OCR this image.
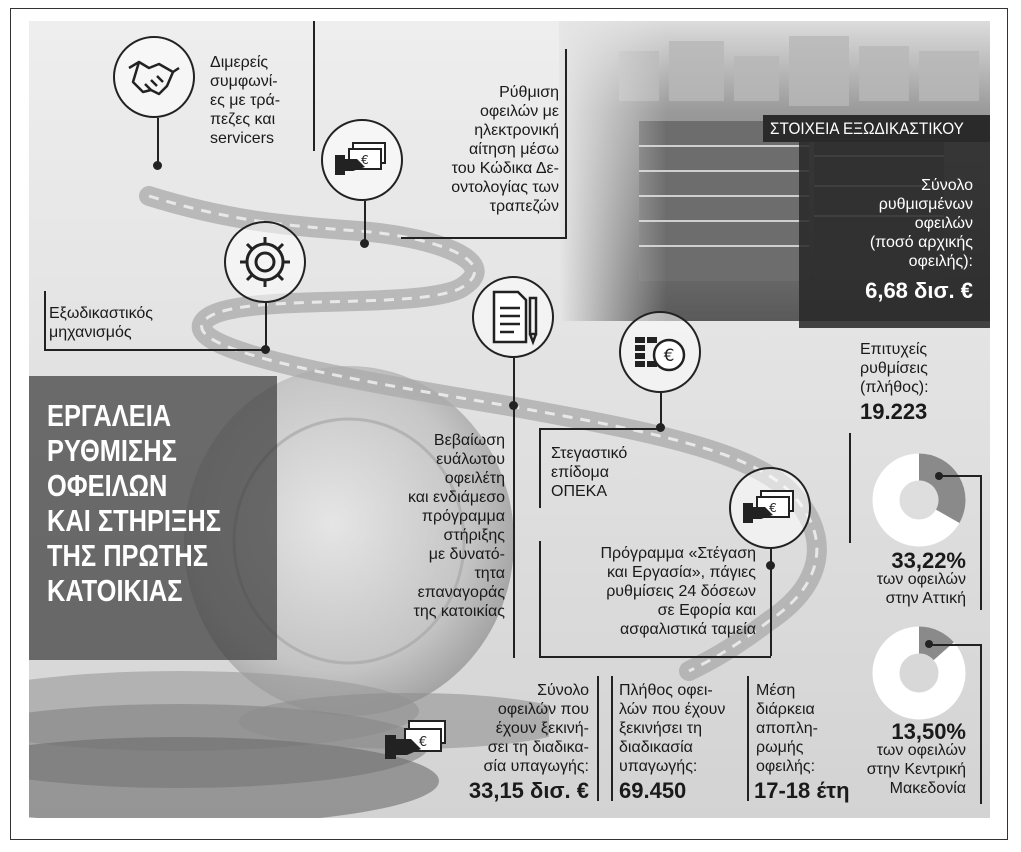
ΕΡΓΑΛΕΙΑ
ΡΥΘΜΙΣΗΣ
ΟΦΕΙΛΩΝ
ΚΑΙ ΣΤΗΡΙΞΗΣ
ΤΗΣ ΠΡΩΤΗΣ
ΚΑΤΟΙΚΙΑΣ
Διμερείς
συμφωνί-
ες με τρά-
πεζες και
servicers
€
Ρύθμιση
οφειλών με
ηλεκτρονική
αίτηση μέσω
του Κώδικα Δε-
οντολογίας των
τραπεζών
Εξωδικαστικός
μηχανισμός
Βεβαίωση
ευάλωτου
οφειλέτη
και ενδιάμεσο
πρόγραμμα
στήριξης
με δυνατό-
τητα
επαναγοράς
της κατοικίας
€
Στεγαστικό
επίδομα
ΟΠΕΚΑ
€
Πρόγραμμα «Στέγαση
και Εργασία», πάγιες
ρυθμίσεις 24 δόσεων
σε Εφορία και
ασφαλιστικά ταμεία
ΣΤΟΙΧΕΙΑ ΕΞΩΔΙΚΑΣΤΙΚΟΥ
Σύνολο
ρυθμισμένων
οφειλών
(ποσό αρχικής
οφειλής):
6,68 δισ. €
Επιτυχείς
ρυθμίσεις
(πλήθος):
19.223
33,22%
των οφειλών
στην Αττική
13,50%
των οφειλών
στην Κεντρική
Μακεδονία
€
Σύνολο
οφειλών που
έχουν ξεκινή-
σει τη διαδικα-
σία υπαγωγής:
33,15 δισ. €
Πλήθος οφει-
λών που έχουν
ξεκινήσει τη
διαδικασία
υπαγωγής:
69.450
Μέση
διάρκεια
αποπλη-
ρωμής
οφειλής:
17-18 έτη
